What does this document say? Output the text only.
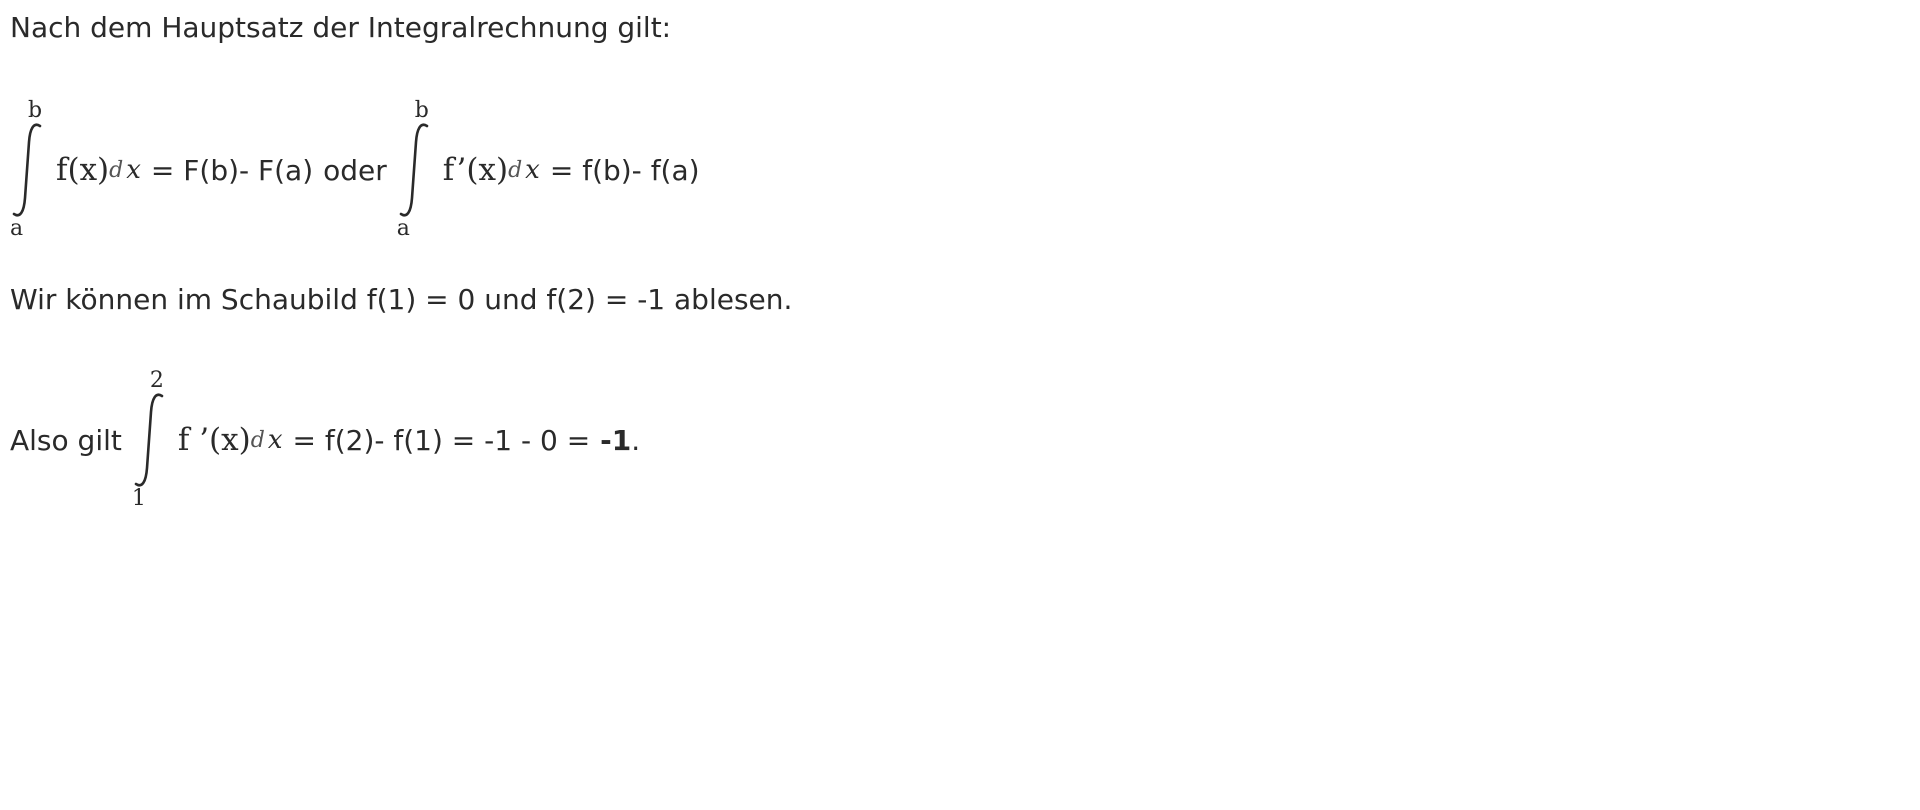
Nach dem Hauptsatz der Integralrechnung gilt:
b
a
f(x) d x = F(b)- F(a) oder
b
a
f’(x) d x = f(b)- f(a)
Wir können im Schaubild f(1) = 0 und f(2) = -1 ablesen.
Also gilt
2
1
f ’(x) d x = f(2)- f(1) = -1 - 0 = -1 .
